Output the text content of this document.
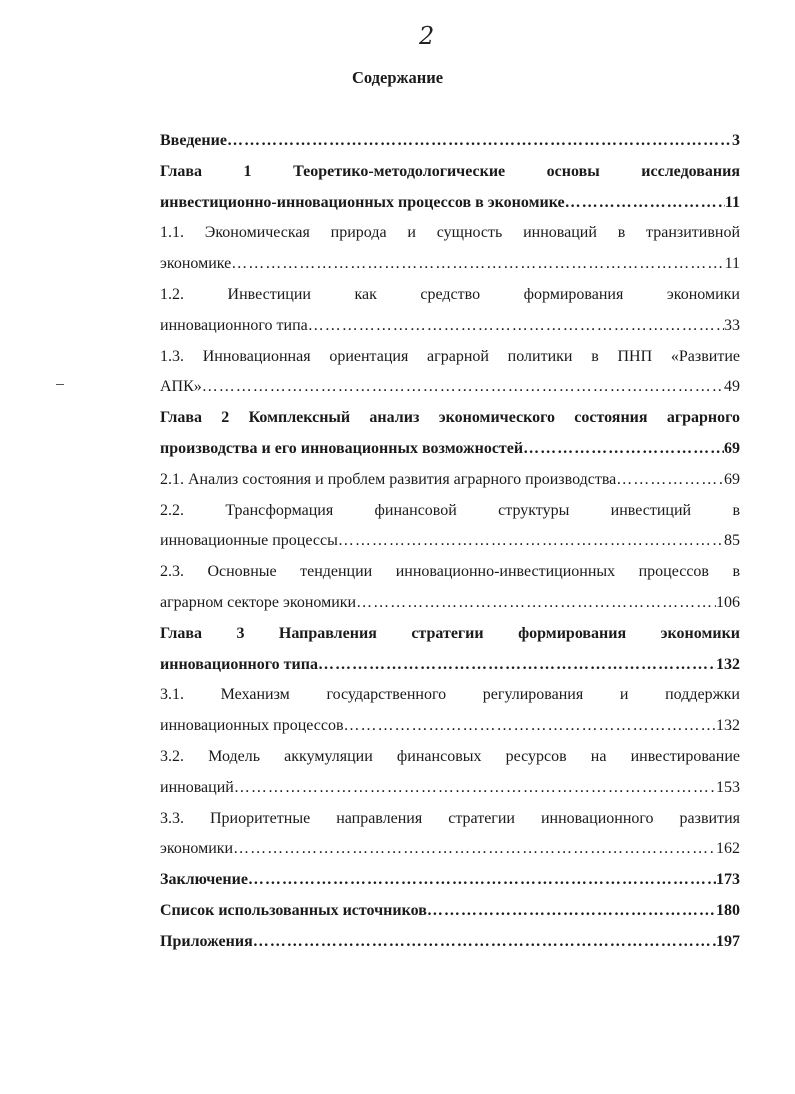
2
Содержание
Введение …………………………………………………………………………………………………………………………………………………………………………………………………	3
Глава 1 Теоретико-методологические основы исследования
инвестиционно-инновационных процессов в экономике …………………………………………………………………………………………………………………………………………………………………………………………………	11
1.1. Экономическая природа и сущность инноваций в транзитивной
экономике …………………………………………………………………………………………………………………………………………………………………………………………………	11
1.2. Инвестиции как средство формирования экономики
инновационного типа …………………………………………………………………………………………………………………………………………………………………………………………………	33
1.3. Инновационная ориентация аграрной политики в ПНП «Развитие
АПК» …………………………………………………………………………………………………………………………………………………………………………………………………	49
Глава 2 Комплексный анализ экономического состояния аграрного
производства и его инновационных возможностей …………………………………………………………………………………………………………………………………………………………………………………………………	69
2.1. Анализ состояния и проблем развития аграрного производства …………………………………………………………………………………………………………………………………………………………………………………………………	69
2.2. Трансформация финансовой структуры инвестиций в
инновационные процессы …………………………………………………………………………………………………………………………………………………………………………………………………	85
2.3. Основные тенденции инновационно-инвестиционных процессов в
аграрном секторе экономики …………………………………………………………………………………………………………………………………………………………………………………………………	106
Глава 3 Направления стратегии формирования экономики
инновационного типа …………………………………………………………………………………………………………………………………………………………………………………………………	132
3.1. Механизм государственного регулирования и поддержки
инновационных процессов …………………………………………………………………………………………………………………………………………………………………………………………………	132
3.2. Модель аккумуляции финансовых ресурсов на инвестирование
инноваций …………………………………………………………………………………………………………………………………………………………………………………………………	153
3.3. Приоритетные направления стратегии инновационного развития
экономики …………………………………………………………………………………………………………………………………………………………………………………………………	162
Заключение …………………………………………………………………………………………………………………………………………………………………………………………………	173
Список использованных источников …………………………………………………………………………………………………………………………………………………………………………………………………	180
Приложения …………………………………………………………………………………………………………………………………………………………………………………………………	197
